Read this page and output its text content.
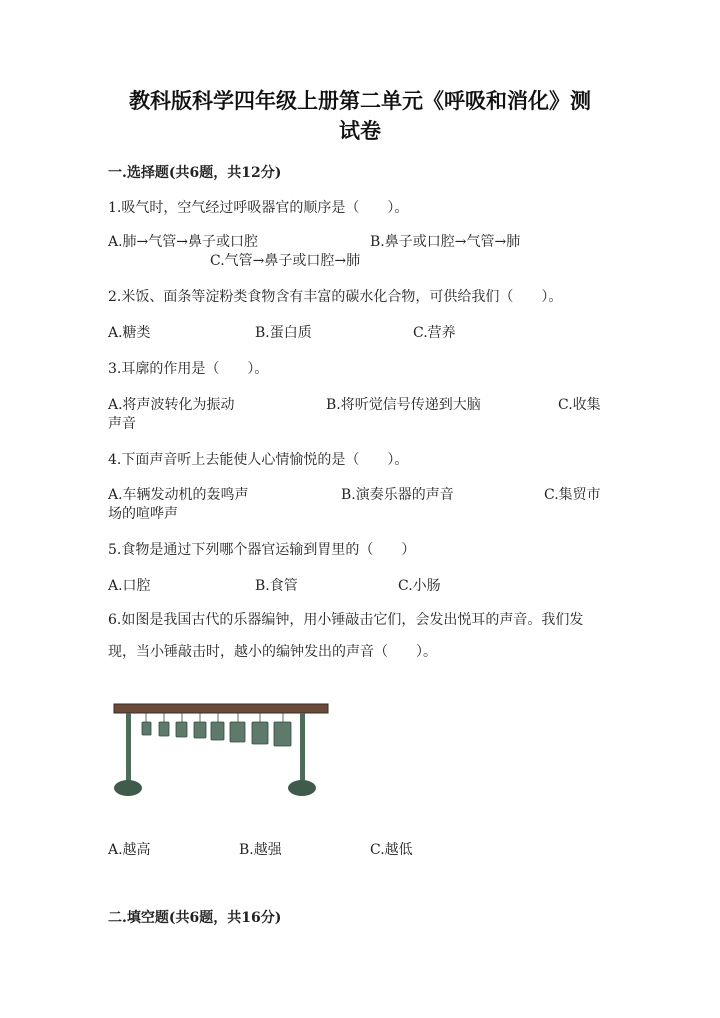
教科版科学四年级上册第二单元《呼吸和消化》测
试卷
一.选择题(共6题，共12分)
1.吸气时，空气经过呼吸器官的顺序是（　　）。
A.肺→气管→鼻子或口腔	B.鼻子或口腔→气管→肺
C.气管→鼻子或口腔→肺
2.米饭、面条等淀粉类食物含有丰富的碳水化合物，可供给我们（　　）。
A.糖类	B.蛋白质	C.营养
3.耳廓的作用是（　　）。
A.将声波转化为振动	B.将听觉信号传递到大脑	C.收集
声音
4.下面声音听上去能使人心情愉悦的是（　　）。
A.车辆发动机的轰鸣声	B.演奏乐器的声音	C.集贸市
场的喧哗声
5.食物是通过下列哪个器官运输到胃里的（　　）
A.口腔	B.食管	C.小肠
6.如图是我国古代的乐器编钟，用小锤敲击它们，会发出悦耳的声音。我们发
现，当小锤敲击时，越小的编钟发出的声音（　　）。
A.越高	B.越强	C.越低
二.填空题(共6题，共16分)
